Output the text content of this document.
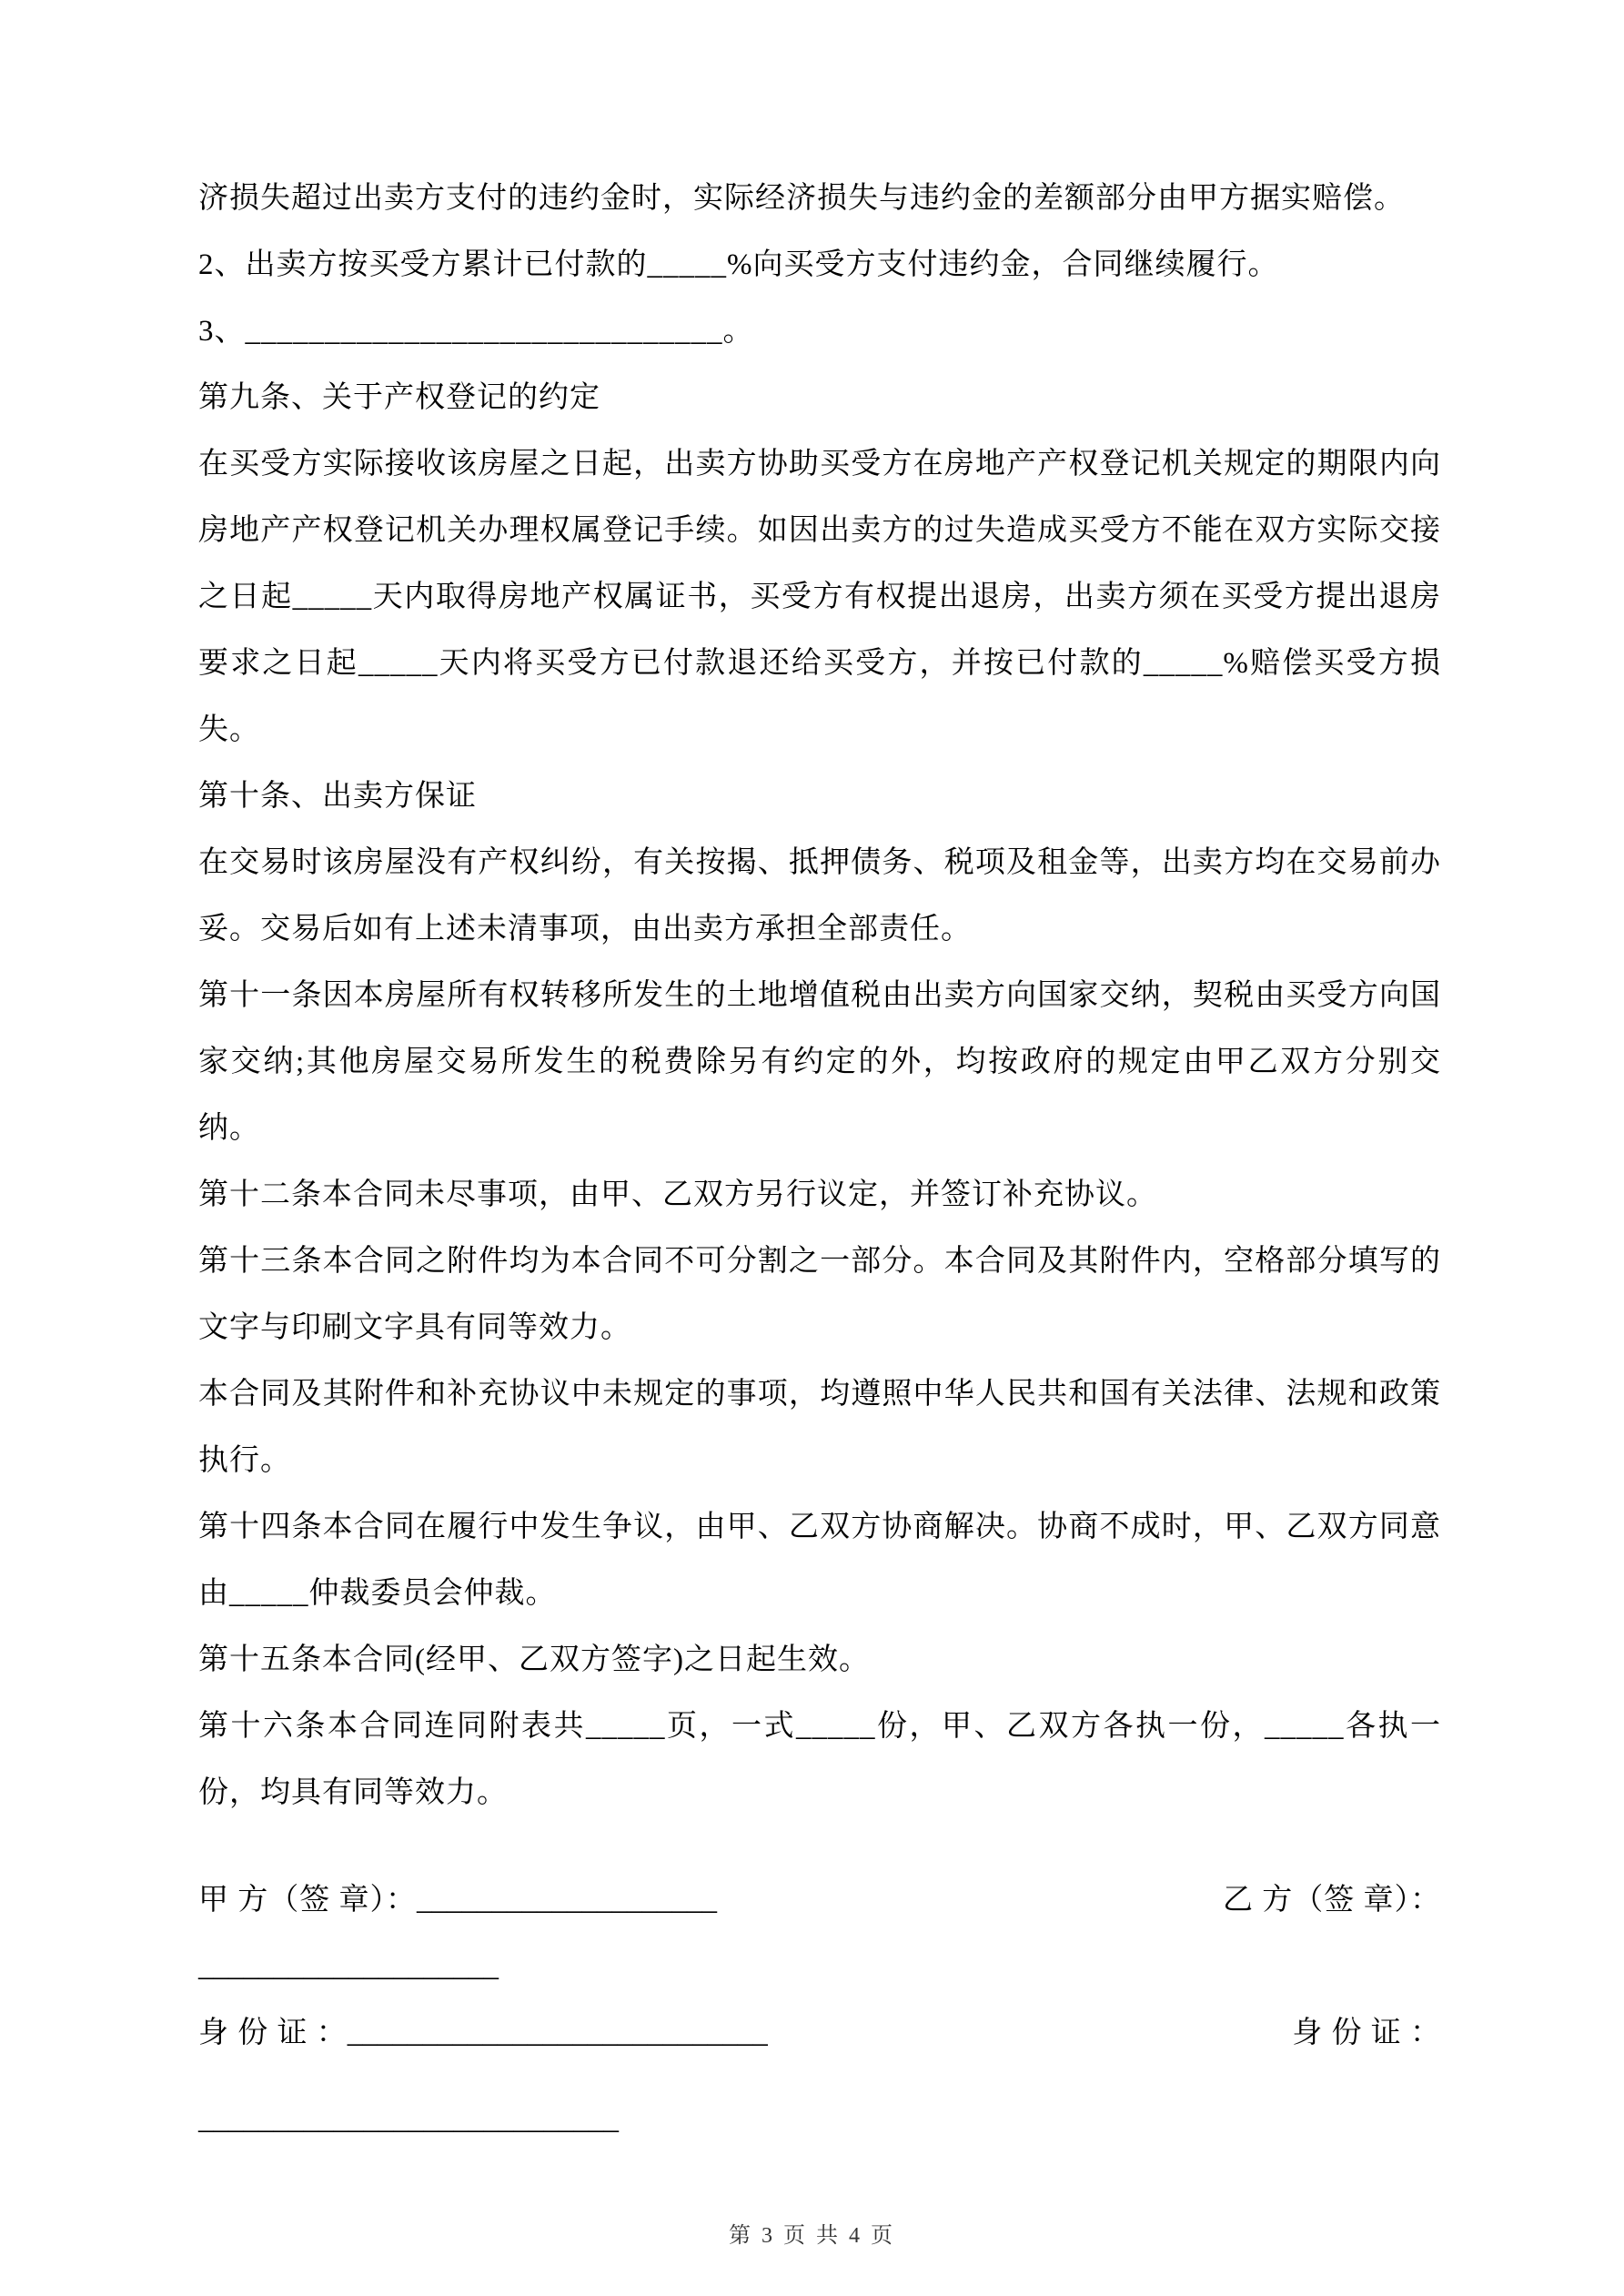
济损失超过出卖方支付的违约金时，实际经济损失与违约金的差额部分由甲方据实赔偿。

2、出卖方按买受方累计已付款的_____%向买受方支付违约金，合同继续履行。

3、______________________________。

第九条、关于产权登记的约定

在买受方实际接收该房屋之日起，出卖方协助买受方在房地产产权登记机关规定的期限内向房地产产权登记机关办理权属登记手续。如因出卖方的过失造成买受方不能在双方实际交接之日起_____天内取得房地产权属证书，买受方有权提出退房，出卖方须在买受方提出退房要求之日起_____天内将买受方已付款退还给买受方，并按已付款的_____%赔偿买受方损失。

第十条、出卖方保证

在交易时该房屋没有产权纠纷，有关按揭、抵押债务、税项及租金等，出卖方均在交易前办妥。交易后如有上述未清事项，由出卖方承担全部责任。

第十一条因本房屋所有权转移所发生的土地增值税由出卖方向国家交纳，契税由买受方向国家交纳;其他房屋交易所发生的税费除另有约定的外，均按政府的规定由甲乙双方分别交纳。

第十二条本合同未尽事项，由甲、乙双方另行议定，并签订补充协议。

第十三条本合同之附件均为本合同不可分割之一部分。本合同及其附件内，空格部分填写的文字与印刷文字具有同等效力。

本合同及其附件和补充协议中未规定的事项，均遵照中华人民共和国有关法律、法规和政策执行。

第十四条本合同在履行中发生争议，由甲、乙双方协商解决。协商不成时，甲、乙双方同意由_____仲裁委员会仲裁。

第十五条本合同(经甲、乙双方签字)之日起生效。

第十六条本合同连同附表共_____页，一式_____份，甲、乙双方各执一份，_____各执一份，均具有同等效力。

甲 方（签 章）：____________________	乙 方（签 章）：
____________________
身 份 证 ：____________________________	身 份 证 ：
____________________________
第 3 页 共 4 页
